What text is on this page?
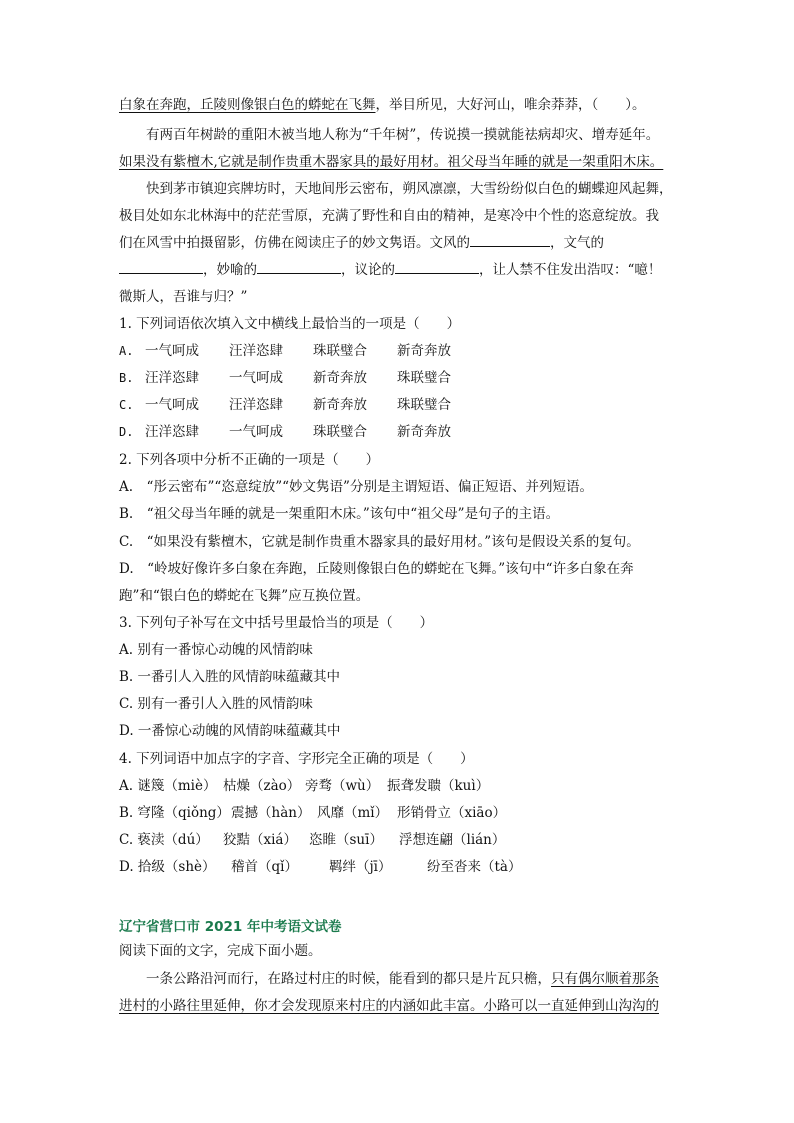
白象在奔跑，丘陵则像银白色的蟒蛇在飞舞，举目所见，大好河山，唯余莽莽，（　　）。
有两百年树龄的重阳木被当地人称为“千年树”，传说摸一摸就能祛病却灾、增寿延年。
如果没有紫檀木,它就是制作贵重木器家具的最好用材。祖父母当年睡的就是一架重阳木床。
快到茅市镇迎宾牌坊时，天地间彤云密布，朔风凛凛，大雪纷纷似白色的蝴蝶迎风起舞，
极目处如东北林海中的茫茫雪原，充满了野性和自由的精神，是寒冷中个性的恣意绽放。我
们在风雪中拍摄留影，仿佛在阅读庄子的妙文隽语。文风的	，文气的
，妙喻的	，议论的	，让人禁不住发出浩叹：“噫！
微斯人，吾谁与归？”
1. 下列词语依次填入文中横线上最恰当的一项是（　　）
A. 一气呵成 汪洋恣肆 珠联璧合 新奇奔放
B. 汪洋恣肆 一气呵成 新奇奔放 珠联璧合
C. 一气呵成 汪洋恣肆 新奇奔放 珠联璧合
D. 汪洋恣肆 一气呵成 珠联璧合 新奇奔放
2. 下列各项中分析不正确的一项是（　　）
A.　“彤云密布”“恣意绽放”“妙文隽语”分别是主谓短语、偏正短语、并列短语。
B.　“祖父母当年睡的就是一架重阳木床。”该句中“祖父母”是句子的主语。
C.　“如果没有紫檀木，它就是制作贵重木器家具的最好用材。”该句是假设关系的复句。
D.　“岭坡好像许多白象在奔跑，丘陵则像银白色的蟒蛇在飞舞。”该句中“许多白象在奔
跑”和“银白色的蟒蛇在飞舞”应互换位置。
3. 下列句子补写在文中括号里最恰当的项是（　　）
A. 别有一番惊心动魄的风情韵味
B. 一番引人入胜的风情韵味蕴藏其中
C. 别有一番引人入胜的风情韵味
D. 一番惊心动魄的风情韵味蕴藏其中
4. 下列词语中加点字的字音、字形完全正确的项是（　　）
A. 谜篾（miè） 枯燥（zào） 旁骛（wù） 振聋发聩（kuì）
B. 穹隆（qiǒng）震撼（hàn） 风靡（mǐ） 形销骨立（xiāo）
C. 亵渎（dú） 狡黠（xiá） 恣睢（suī） 浮想连翩（lián）
D. 拾级（shè） 稽首（qǐ） 羁绊（jī）	纷至沓来（tà）
辽宁省营口市 2021 年中考语文试卷
阅读下面的文字，完成下面小题。
一条公路沿河而行，在路过村庄的时候，能看到的都只是片瓦只檐，只有偶尔顺着那条
进村的小路往里延伸，你才会发现原来村庄的内涵如此丰富。小路可以一直延伸到山沟沟的
